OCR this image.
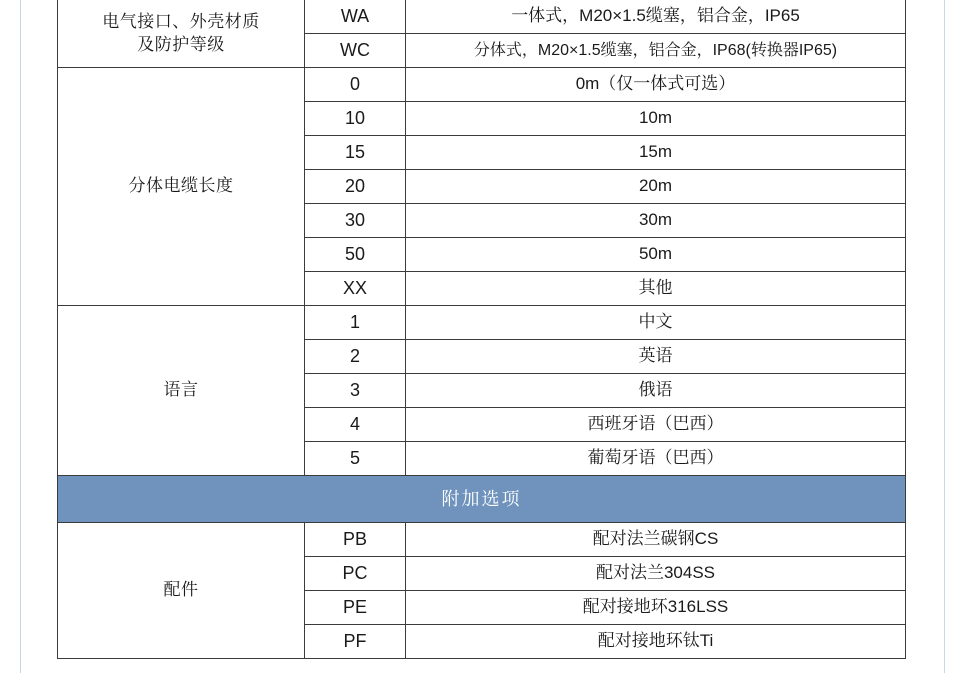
电气接口、外壳材质
及防护等级	WA	一体式，M20×1.5缆塞，铝合金，IP65
	WC	分体式，M20×1.5缆塞，铝合金，IP68(转换器IP65)

分体电缆长度	0	0m（仅一体式可选）
	10	10m
	15	15m
	20	20m
	30	30m
	50	50m
	XX	其他

语言	1	中文
	2	英语
	3	俄语
	4	西班牙语（巴西）
	5	葡萄牙语（巴西）
附加选项		

配件	PB	配对法兰碳钢CS
	PC	配对法兰304SS
	PE	配对接地环316LSS
	PF	配对接地环钛Ti
